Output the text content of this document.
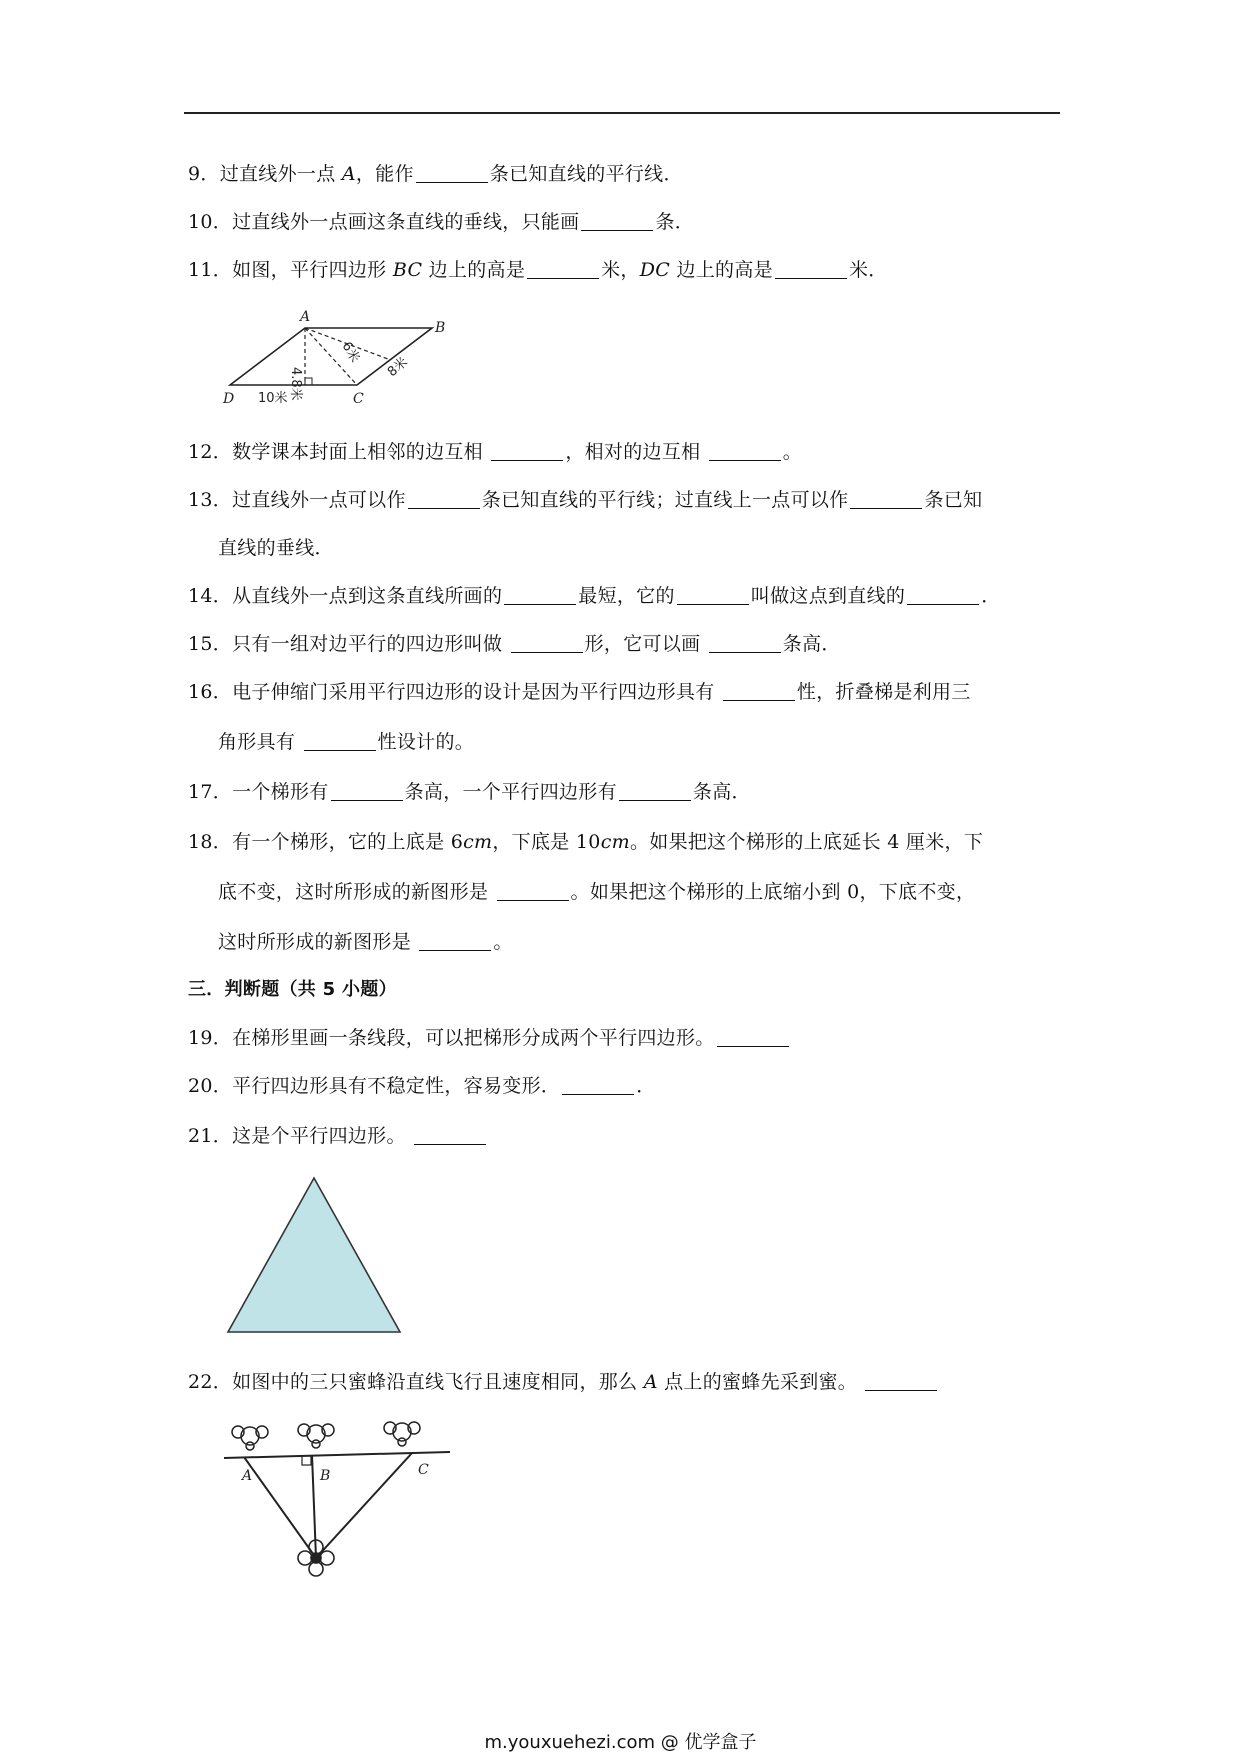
9．过直线外一点 A，能作	条已知直线的平行线．
10．过直线外一点画这条直线的垂线，只能画	条．
11．如图，平行四边形 BC 边上的高是	米，DC 边上的高是	米．
A
B
C
D	4.8米
6米
8米
10米
12．数学课本封面上相邻的边互相	，相对的边互相	。
13．过直线外一点可以作	条已知直线的平行线；过直线上一点可以作	条已知
直线的垂线．
14．从直线外一点到这条直线所画的	最短，它的	叫做这点到直线的	．
15．只有一组对边平行的四边形叫做	形，它可以画	条高．
16．电子伸缩门采用平行四边形的设计是因为平行四边形具有	性，折叠梯是利用三
角形具有	性设计的。
17．一个梯形有	条高，一个平行四边形有	条高．
18．有一个梯形，它的上底是 6cm，下底是 10cm。如果把这个梯形的上底延长 4 厘米，下
底不变，这时所形成的新图形是	。如果把这个梯形的上底缩小到 0，下底不变，
这时所形成的新图形是	。
三．判断题（共 5 小题）
19．在梯形里画一条线段，可以把梯形分成两个平行四边形。
20．平行四边形具有不稳定性，容易变形．	．
21．这是个平行四边形。
22．如图中的三只蜜蜂沿直线飞行且速度相同，那么 A 点上的蜜蜂先采到蜜。
A	B	C
m.youxuehezi.com @ 优学盒子
